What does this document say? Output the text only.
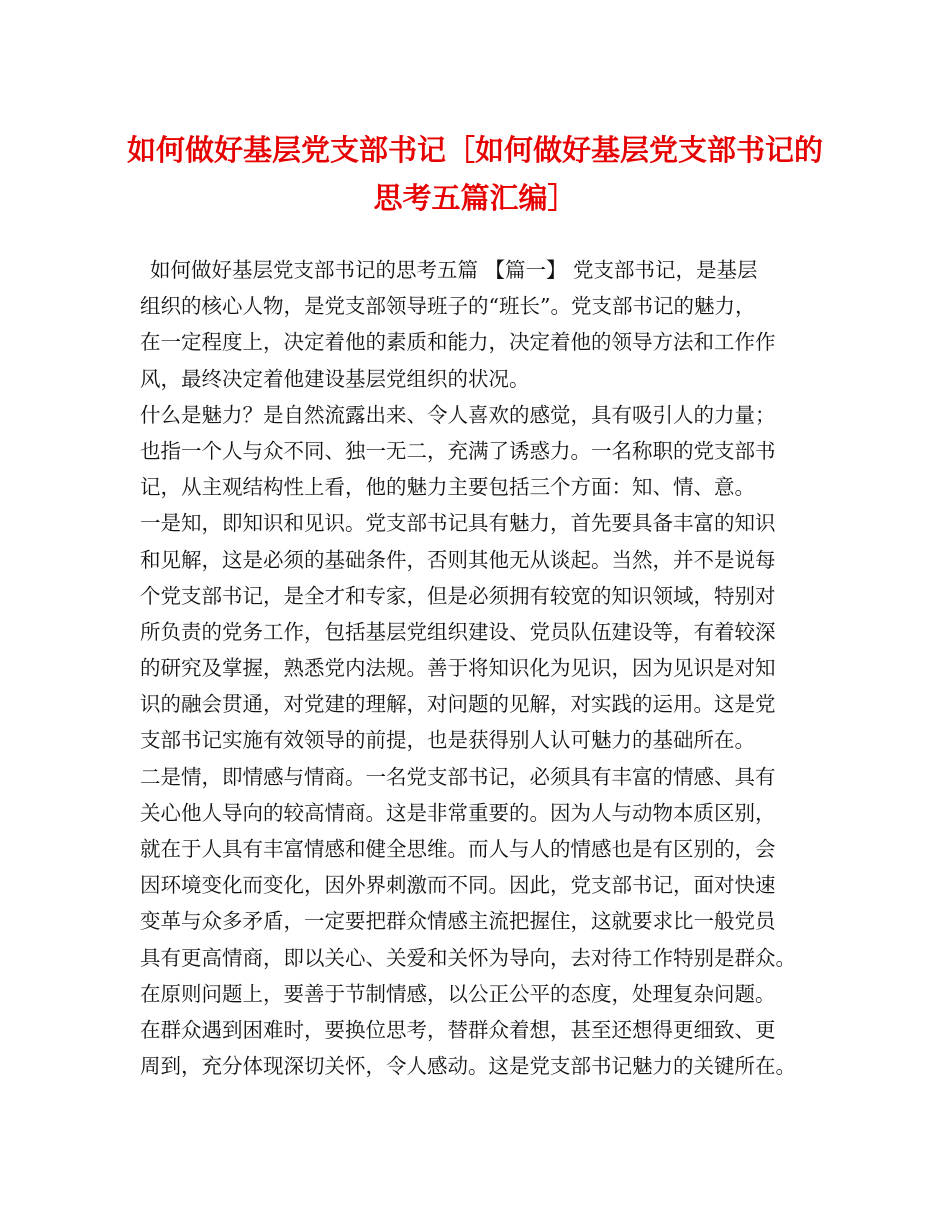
如何做好基层党支部书记［如何做好基层党支部书记的
思考五篇汇编］
如何做好基层党支部书记的思考五篇 【篇一】 党支部书记，是基层
组织的核心人物，是党支部领导班子的“班长”。党支部书记的魅力，
在一定程度上，决定着他的素质和能力，决定着他的领导方法和工作作
风，最终决定着他建设基层党组织的状况。
什么是魅力？是自然流露出来、令人喜欢的感觉，具有吸引人的力量；
也指一个人与众不同、独一无二，充满了诱惑力。一名称职的党支部书
记，从主观结构性上看，他的魅力主要包括三个方面：知、情、意。
一是知，即知识和见识。党支部书记具有魅力，首先要具备丰富的知识
和见解，这是必须的基础条件，否则其他无从谈起。当然，并不是说每
个党支部书记，是全才和专家，但是必须拥有较宽的知识领域，特别对
所负责的党务工作，包括基层党组织建设、党员队伍建设等，有着较深
的研究及掌握，熟悉党内法规。善于将知识化为见识，因为见识是对知
识的融会贯通，对党建的理解，对问题的见解，对实践的运用。这是党
支部书记实施有效领导的前提，也是获得别人认可魅力的基础所在。
二是情，即情感与情商。一名党支部书记，必须具有丰富的情感、具有
关心他人导向的较高情商。这是非常重要的。因为人与动物本质区别，
就在于人具有丰富情感和健全思维。而人与人的情感也是有区别的，会
因环境变化而变化，因外界刺激而不同。因此，党支部书记，面对快速
变革与众多矛盾，一定要把群众情感主流把握住，这就要求比一般党员
具有更高情商，即以关心、关爱和关怀为导向，去对待工作特别是群众。
在原则问题上，要善于节制情感，以公正公平的态度，处理复杂问题。
在群众遇到困难时，要换位思考，替群众着想，甚至还想得更细致、更
周到，充分体现深切关怀，令人感动。这是党支部书记魅力的关键所在。
